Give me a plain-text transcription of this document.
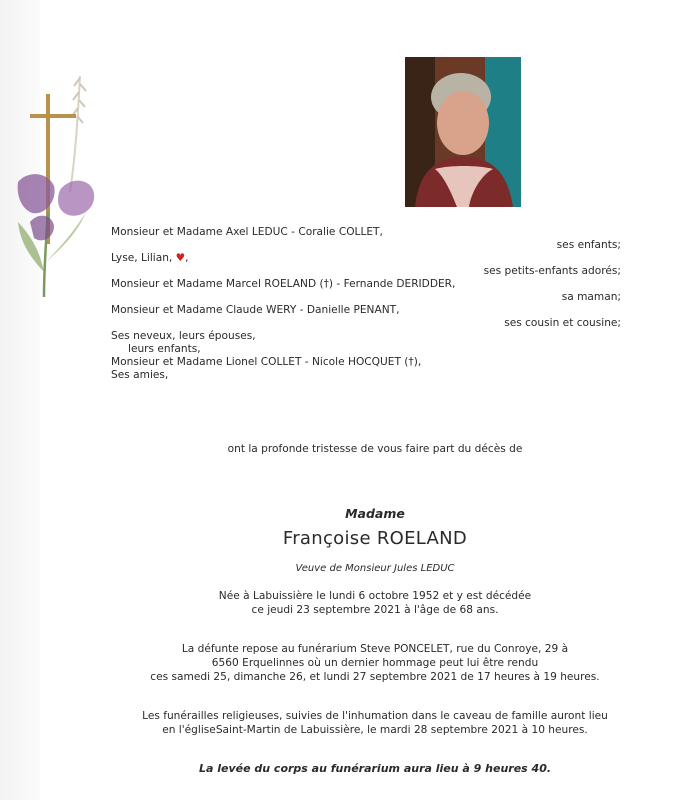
Monsieur et Madame Axel LEDUC - Coralie COLLET,
ses enfants;
Lyse, Lilian, ♥,
ses petits-enfants adorés;
Monsieur et Madame Marcel ROELAND (†) - Fernande DERIDDER,
sa maman;
Monsieur et Madame Claude WERY - Danielle PENANT,
ses cousin et cousine;
Ses neveux, leurs épouses,
leurs enfants,
Monsieur et Madame Lionel COLLET - Nicole HOCQUET (†),
Ses amies,
ont la profonde tristesse de vous faire part du décès de
Madame
Françoise ROELAND
Veuve de Monsieur Jules LEDUC
Née à Labuissière le lundi 6 octobre 1952 et y est décédée
ce jeudi 23 septembre 2021 à l'âge de 68 ans.
La défunte repose au funérarium Steve PONCELET, rue du Conroye, 29 à
6560 Erquelinnes où un dernier hommage peut lui être rendu
ces samedi 25, dimanche 26, et lundi 27 septembre 2021 de 17 heures à 19 heures.
Les funérailles religieuses, suivies de l'inhumation dans le caveau de famille auront lieu
en l'égliseSaint-Martin de Labuissière, le mardi 28 septembre 2021 à 10 heures.
La levée du corps au funérarium aura lieu à 9 heures 40.
